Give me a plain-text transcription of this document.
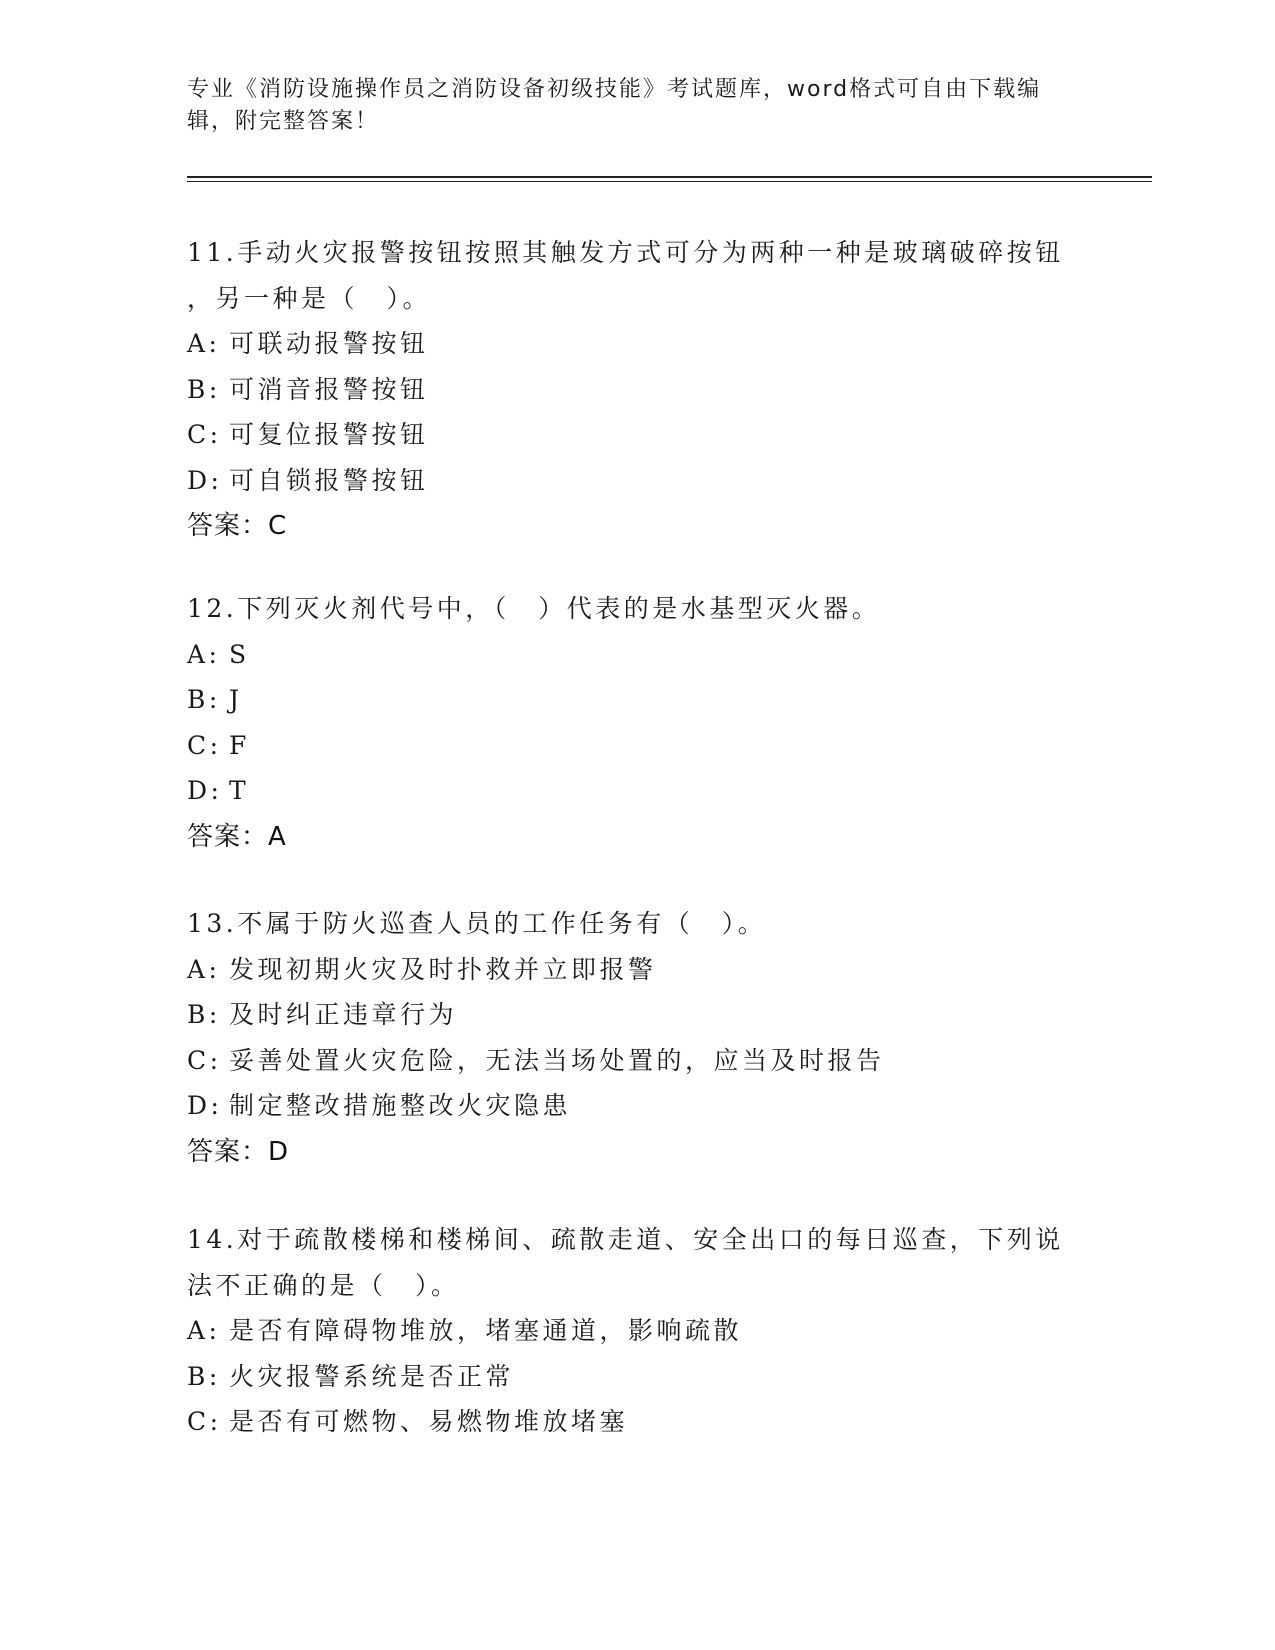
专业《消防设施操作员之消防设备初级技能》考试题库，word格式可自由下载编
辑，附完整答案！
11.手动火灾报警按钮按照其触发方式可分为两种一种是玻璃破碎按钮
，另一种是（　）。
A: 可联动报警按钮
B: 可消音报警按钮
C: 可复位报警按钮
D: 可自锁报警按钮
答案：C
12.下列灭火剂代号中，（　）代表的是水基型灭火器。
A: S
B: J
C: F
D: T
答案：A
13.不属于防火巡查人员的工作任务有（　）。
A: 发现初期火灾及时扑救并立即报警
B: 及时纠正违章行为
C: 妥善处置火灾危险，无法当场处置的，应当及时报告
D: 制定整改措施整改火灾隐患
答案：D
14.对于疏散楼梯和楼梯间、疏散走道、安全出口的每日巡查，下列说
法不正确的是（　）。
A: 是否有障碍物堆放，堵塞通道，影响疏散
B: 火灾报警系统是否正常
C: 是否有可燃物、易燃物堆放堵塞
